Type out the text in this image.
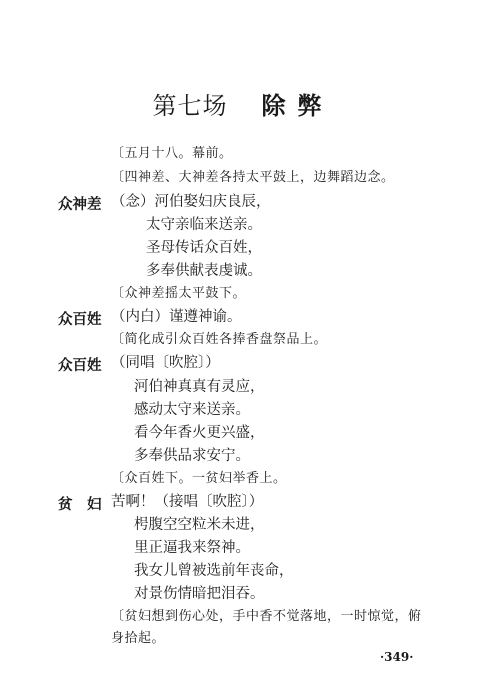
第七场 除弊
〔五月十八。幕前。
〔四神差、大神差各持太平鼓上，边舞蹈边念。
众神差 （念）河伯娶妇庆良辰，
太守亲临来送亲。
圣母传话众百姓，
多奉供献表虔诚。
〔众神差摇太平鼓下。
众百姓 （内白）谨遵神谕。
〔简化成引众百姓各捧香盘祭品上。
众百姓 （同唱〔吹腔〕）
河伯神真真有灵应，
感动太守来送亲。
看今年香火更兴盛，
多奉供品求安宁。
〔众百姓下。一贫妇举香上。
贫　妇 苦啊！（接唱〔吹腔〕）
枵腹空空粒米未进，
里正逼我来祭神。
我女儿曾被选前年丧命，
对景伤情暗把泪吞。
〔贫妇想到伤心处，手中香不觉落地，一时惊觉，俯
身拾起。
·349·
